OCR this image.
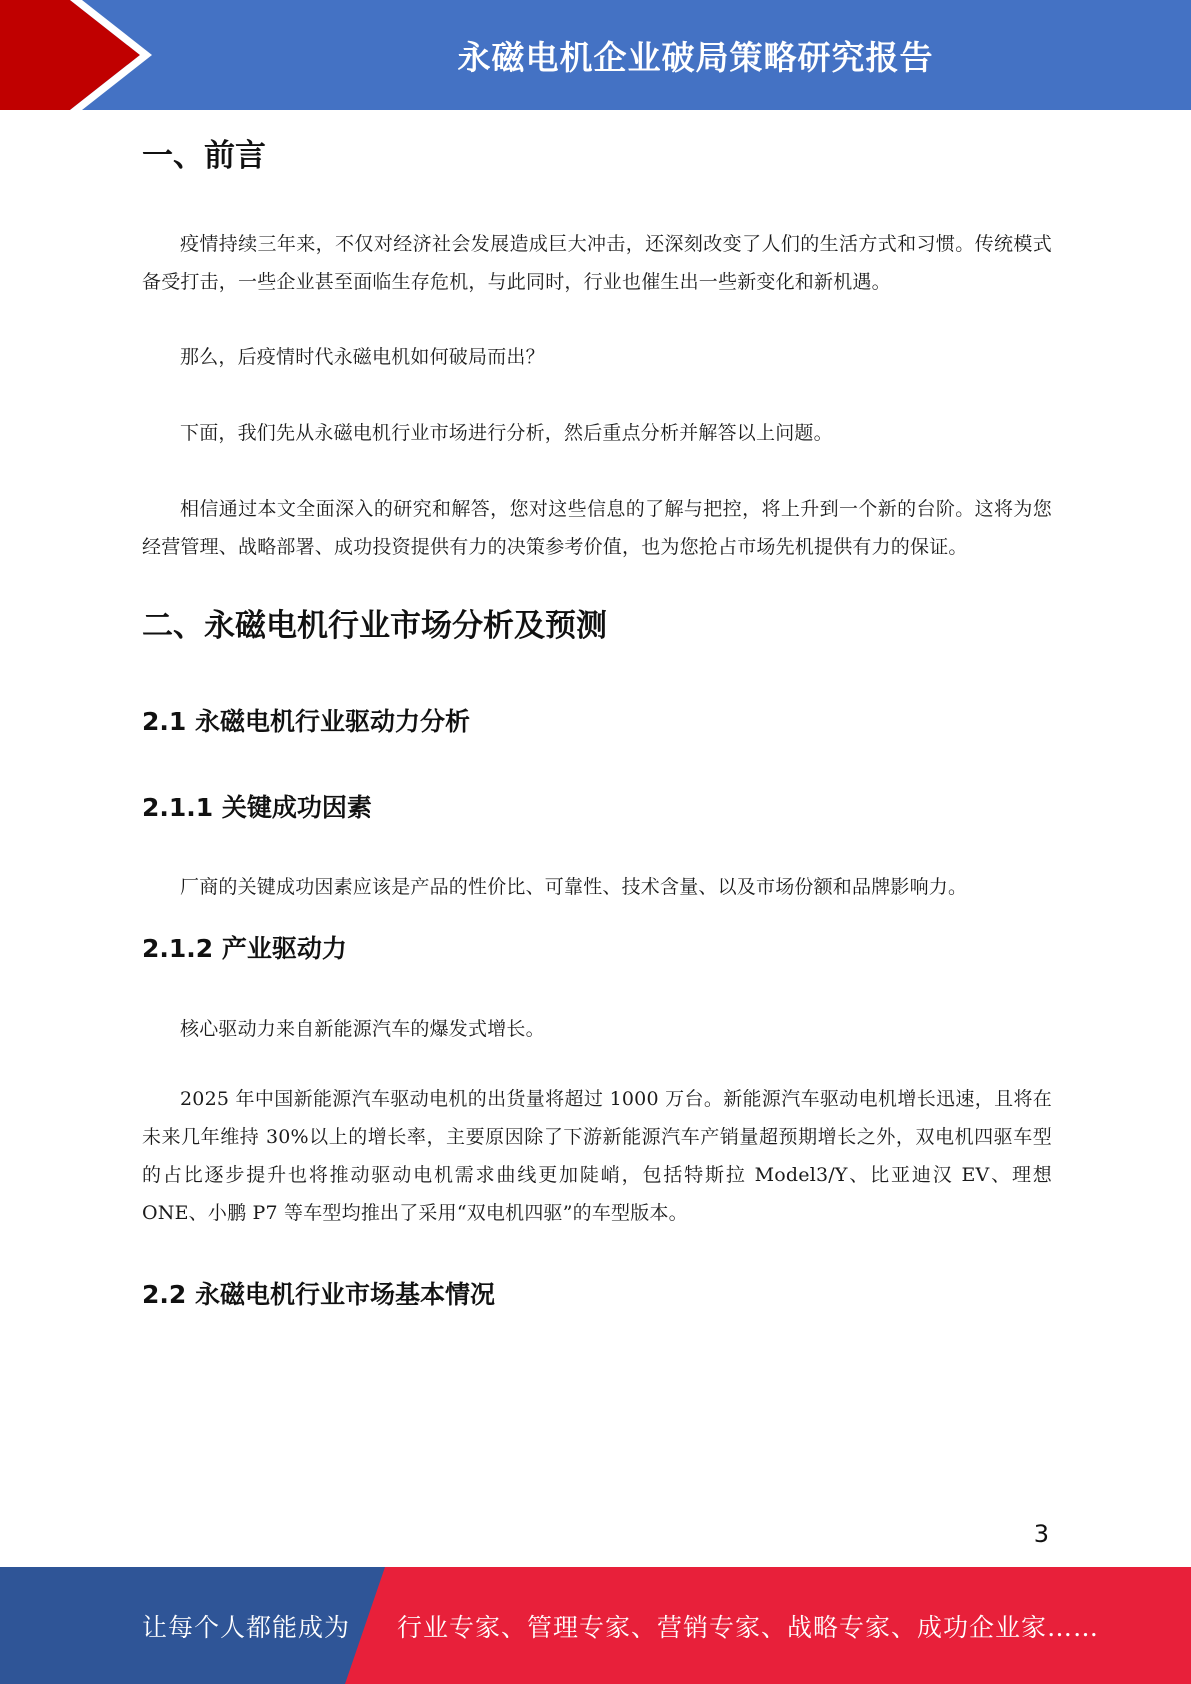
永磁电机企业破局策略研究报告
一、前言

疫情持续三年来，不仅对经济社会发展造成巨大冲击，还深刻改变了人们的生活方式和习惯。传统模式备受打击，一些企业甚至面临生存危机，与此同时，行业也催生出一些新变化和新机遇。

那么，后疫情时代永磁电机如何破局而出？

下面，我们先从永磁电机行业市场进行分析，然后重点分析并解答以上问题。

相信通过本文全面深入的研究和解答，您对这些信息的了解与把控，将上升到一个新的台阶。这将为您经营管理、战略部署、成功投资提供有力的决策参考价值，也为您抢占市场先机提供有力的保证。

二、永磁电机行业市场分析及预测
2.1 永磁电机行业驱动力分析
2.1.1 关键成功因素

厂商的关键成功因素应该是产品的性价比、可靠性、技术含量、以及市场份额和品牌影响力。

2.1.2 产业驱动力

核心驱动力来自新能源汽车的爆发式增长。

2025 年中国新能源汽车驱动电机的出货量将超过 1000 万台。新能源汽车驱动电机增长迅速，且将在未来几年维持 30%以上的增长率，主要原因除了下游新能源汽车产销量超预期增长之外，双电机四驱车型的占比逐步提升也将推动驱动电机需求曲线更加陡峭，包括特斯拉 Model3/Y、比亚迪汉 EV、理想 ONE、小鹏 P7 等车型均推出了采用“双电机四驱”的车型版本。

2.2 永磁电机行业市场基本情况
3
让每个人都能成为 行业专家、管理专家、营销专家、战略专家、成功企业家……
